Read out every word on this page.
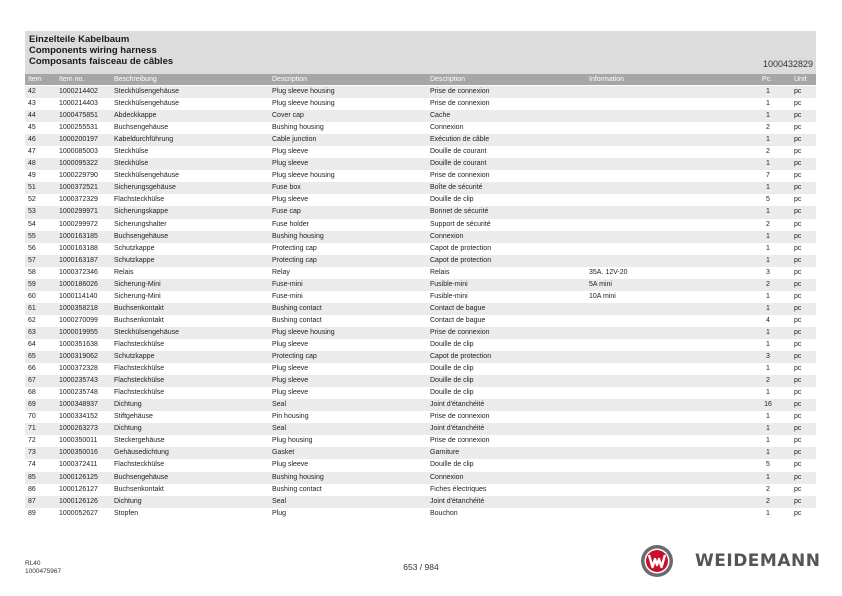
Einzelteile Kabelbaum
Components wiring harness
Composants faisceau de câbles	1000432829
Item Item no.	Beschreibung	Description	Description	Information	Pc.	Unit
42	1000214402 Steckhülsengehäuse	Plug sleeve housing	Prise de connexion	1	pc
43	1000214403 Steckhülsengehäuse	Plug sleeve housing	Prise de connexion	1	pc
44	1000475851 Abdeckkappe	Cover cap	Cache	1	pc
45	1000255531 Buchsengehäuse	Bushing housing	Connexion	2	pc
46	1000200197 Kabeldurchführung	Cable junction	Exécution de câble	1	pc
47	1000085003 Steckhülse	Plug sleeve	Douille de courant	2	pc
48	1000095322 Steckhülse	Plug sleeve	Douille de courant	1	pc
49	1000229790 Steckhülsengehäuse	Plug sleeve housing	Prise de connexion	7	pc
51	1000372521 Sicherungsgehäuse	Fuse box	Boîte de sécurité	1	pc
52	1000372329 Flachsteckhülse	Plug sleeve	Douille de clip	5	pc
53	1000299971 Sicherungskappe	Fuse cap	Bonnet de sécurité	1	pc
54	1000299972 Sicherungshalter	Fuse holder	Support de sécurité	2	pc
55	1000163185 Buchsengehäuse	Bushing housing	Connexion	1	pc
56	1000163188 Schutzkappe	Protecting cap	Capot de protection	1	pc
57	1000163187 Schutzkappe	Protecting cap	Capot de protection	1	pc
58	1000372346 Relais	Relay	Relais	35A. 12V-20	3	pc
59	1000186026 Sicherung-Mini	Fuse-mini	Fusible-mini	5A mini	2	pc
60	1000114140 Sicherung-Mini	Fuse-mini	Fusible-mini	10A mini	1	pc
61	1000358218 Buchsenkontakt	Bushing contact	Contact de bague	1	pc
62	1000270099 Buchsenkontakt	Bushing contact	Contact de bague	4	pc
63	1000019955 Steckhülsengehäuse	Plug sleeve housing	Prise de connexion	1	pc
64	1000351638 Flachsteckhülse	Plug sleeve	Douille de clip	1	pc
65	1000319062 Schutzkappe	Protecting cap	Capot de protection	3	pc
66	1000372328 Flachsteckhülse	Plug sleeve	Douille de clip	1	pc
67	1000235743 Flachsteckhülse	Plug sleeve	Douille de clip	2	pc
68	1000235748 Flachsteckhülse	Plug sleeve	Douille de clip	1	pc
69	1000348937 Dichtung	Seal	Joint d'étanchéité	16	pc
70	1000334152 Stiftgehäuse	Pin housing	Prise de connexion	1	pc
71	1000263273 Dichtung	Seal	Joint d'étanchéité	1	pc
72	1000350011 Steckergehäuse	Plug housing	Prise de connexion	1	pc
73	1000350016 Gehäusedichtung	Gasket	Garniture	1	pc
74	1000372411 Flachsteckhülse	Plug sleeve	Douille de clip	5	pc
85	1000126125 Buchsengehäuse	Bushing housing	Connexion	1	pc
86	1000126127 Buchsenkontakt	Bushing contact	Fiches électriques	2	pc
87	1000126126 Dichtung	Seal	Joint d'étanchéité	2	pc
89	1000052627 Stopfen	Plug	Bouchon	1	pc
RL40
1000475967	653 / 984	WEIDEMANN
